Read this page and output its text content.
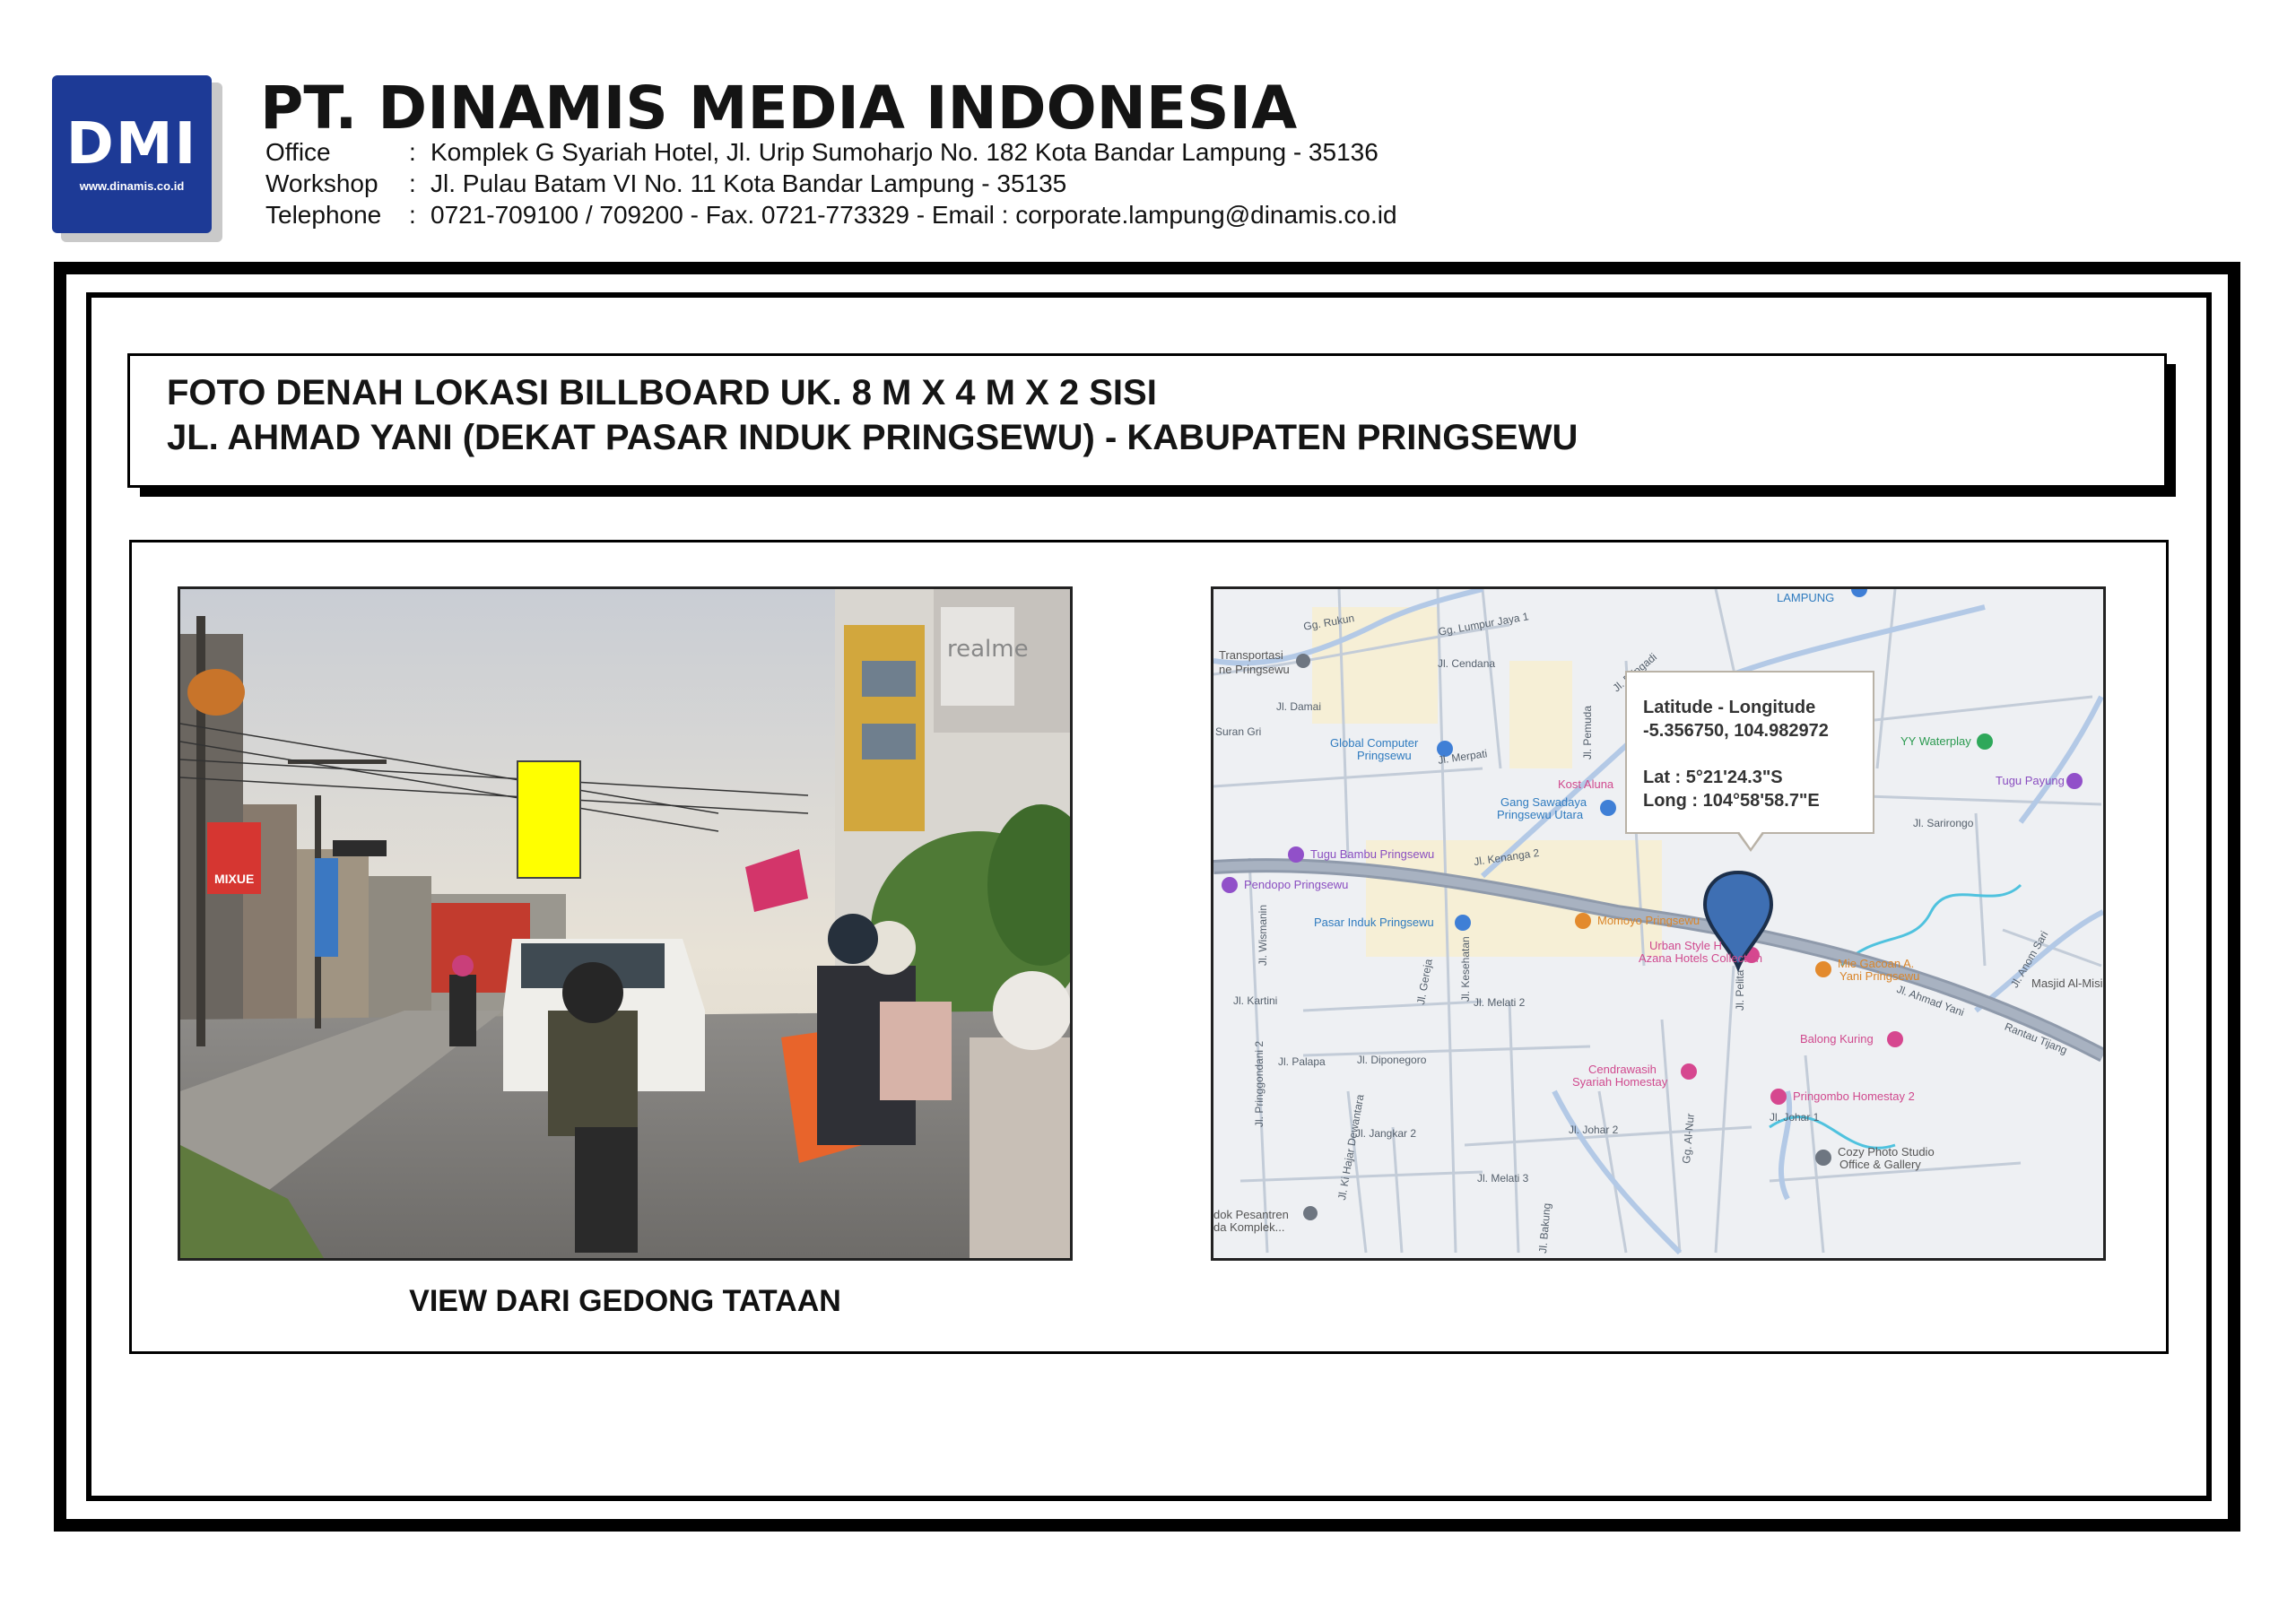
DMI
www.dinamis.co.id
PT. DINAMIS MEDIA INDONESIA
Office	: Komplek G Syariah Hotel, Jl. Urip Sumoharjo No. 182 Kota Bandar Lampung - 35136
Workshop : Jl. Pulau Batam VI No. 11 Kota Bandar Lampung - 35135
Telephone : 0721-709100 / 709200 - Fax. 0721-773329 - Email : corporate.lampung@dinamis.co.id
FOTO DENAH LOKASI BILLBOARD UK. 8 M X 4 M X 2 SISI
JL. AHMAD YANI (DEKAT PASAR INDUK PRINGSEWU) - KABUPATEN PRINGSEWU
realme
MIXUE
VIEW DARI GEDONG TATAAN
Transportasi
ne Pringsewu
LAMPUNG
Global Computer
Pringsewu
Kost Aluna
Gang Sawadaya
Pringsewu Utara
YY Waterplay
Tugu Payung
Tugu Bambu Pringsewu
Pendopo Pringsewu
Pasar Induk Pringsewu	Momoyo Pringsewu
Urban Style H
Azana Hotels Collection	Mie Gacoan A.
Yani Pringsewu
Masjid Al-Misi
Balong Kuring
Cendrawasih
Syariah Homestay
Pringombo Homestay 2
Cozy Photo Studio
Office & Gallery
dok Pesantren
da Komplek...
Jl. Ahmad Yani
Rantau Tijang
Jl. Merpati
Jl. Kenanga 2
Jl. Pringadi
Jl. Cendana
Jl. Damai
Jl. Kartini
Jl. Palapa	Jl. Diponegoro
Jl. Melati 2
Jl. Melati 3
Jl. Jangkar 2	Jl. Johar 2
Jl. Johar 1
Jl. Kesehatan
Jl. Gereja	Jl. Pelita
Jl. Sarirongo
Gg. Lumpur Jaya 1
Gg. Rukun
Suran Gri
Jl. Wismanin
Jl. Pringgondani 2
Jl. Ki Hajar Dewantara
Jl. Bakung
Gg. Al-Nur
Jl. Pemuda
Jl. Anom Sari
Latitude - Longitude
-5.356750, 104.982972
Lat : 5°21'24.3"S
Long : 104°58'58.7"E
